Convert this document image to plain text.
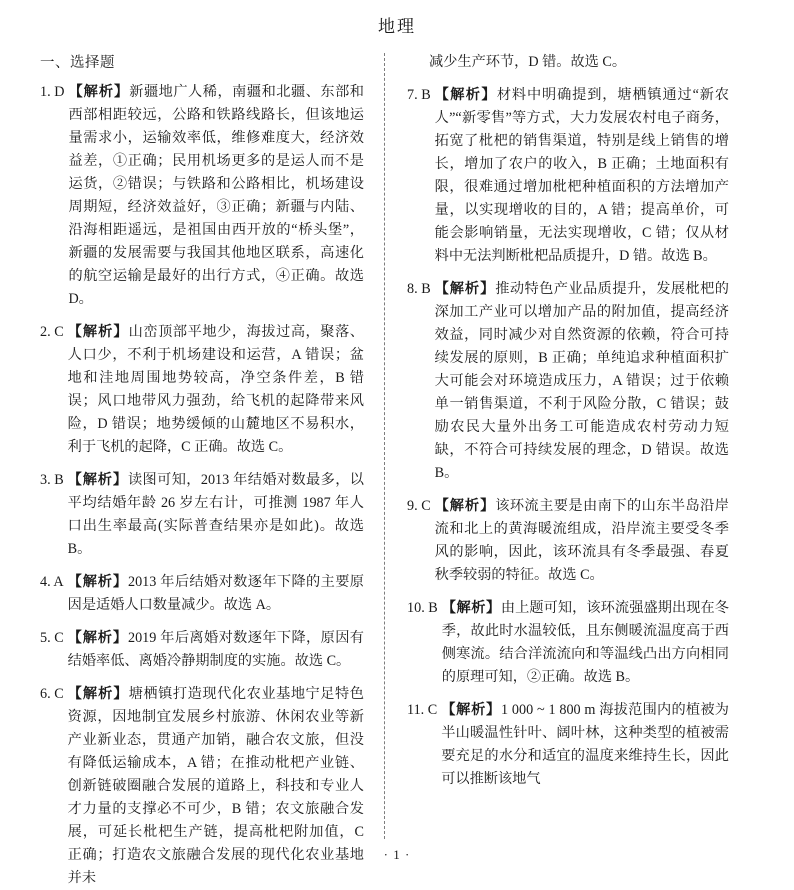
地理
一、选择题
1. D 【解析】新疆地广人稀，南疆和北疆、东部和西部相距较远，公路和铁路线路长，但该地运量需求小，运输效率低，维修难度大，经济效益差，①正确；民用机场更多的是运人而不是运货，②错误；与铁路和公路相比，机场建设周期短，经济效益好，③正确；新疆与内陆、沿海相距遥远，是祖国由西开放的“桥头堡”，新疆的发展需要与我国其他地区联系，高速化的航空运输是最好的出行方式，④正确。故选 D。
2. C 【解析】山峦顶部平地少，海拔过高，聚落、人口少，不利于机场建设和运营，A 错误；盆地和洼地周围地势较高，净空条件差，B 错误；风口地带风力强劲，给飞机的起降带来风险，D 错误；地势缓倾的山麓地区不易积水，利于飞机的起降，C 正确。故选 C。
3. B 【解析】读图可知，2013 年结婚对数最多，以平均结婚年龄 26 岁左右计，可推测 1987 年人口出生率最高(实际普查结果亦是如此)。故选 B。
4. A 【解析】2013 年后结婚对数逐年下降的主要原因是适婚人口数量减少。故选 A。
5. C 【解析】2019 年后离婚对数逐年下降，原因有结婚率低、离婚冷静期制度的实施。故选 C。
6. C 【解析】塘栖镇打造现代化农业基地宁足特色资源，因地制宜发展乡村旅游、休闲农业等新产业新业态，贯通产加销，融合农文旅，但没有降低运输成本，A 错；在推动枇杷产业链、创新链破圈融合发展的道路上，科技和专业人才力量的支撑必不可少，B 错；农文旅融合发展，可延长枇杷生产链，提高枇杷附加值，C 正确；打造农文旅融合发展的现代化农业基地并未
减少生产环节，D 错。故选 C。
7. B 【解析】材料中明确提到，塘栖镇通过“新农人”“新零售”等方式，大力发展农村电子商务，拓宽了枇杷的销售渠道，特别是线上销售的增长，增加了农户的收入，B 正确；土地面积有限，很难通过增加枇杷种植面积的方法增加产量，以实现增收的目的，A 错；提高单价，可能会影响销量，无法实现增收，C 错；仅从材料中无法判断枇杷品质提升，D 错。故选 B。
8. B 【解析】推动特色产业品质提升，发展枇杷的深加工产业可以增加产品的附加值，提高经济效益，同时减少对自然资源的依赖，符合可持续发展的原则，B 正确；单纯追求种植面积扩大可能会对环境造成压力，A 错误；过于依赖单一销售渠道，不利于风险分散，C 错误；鼓励农民大量外出务工可能造成农村劳动力短缺，不符合可持续发展的理念，D 错误。故选 B。
9. C 【解析】该环流主要是由南下的山东半岛沿岸流和北上的黄海暖流组成，沿岸流主要受冬季风的影响，因此，该环流具有冬季最强、春夏秋季较弱的特征。故选 C。
10. B 【解析】由上题可知，该环流强盛期出现在冬季，故此时水温较低，且东侧暖流温度高于西侧寒流。结合洋流流向和等温线凸出方向相同的原理可知，②正确。故选 B。
11. C 【解析】1 000 ~ 1 800 m 海拔范围内的植被为半山暖温性针叶、阔叶林，这种类型的植被需要充足的水分和适宜的温度来维持生长，因此可以推断该地气
· 1 ·
